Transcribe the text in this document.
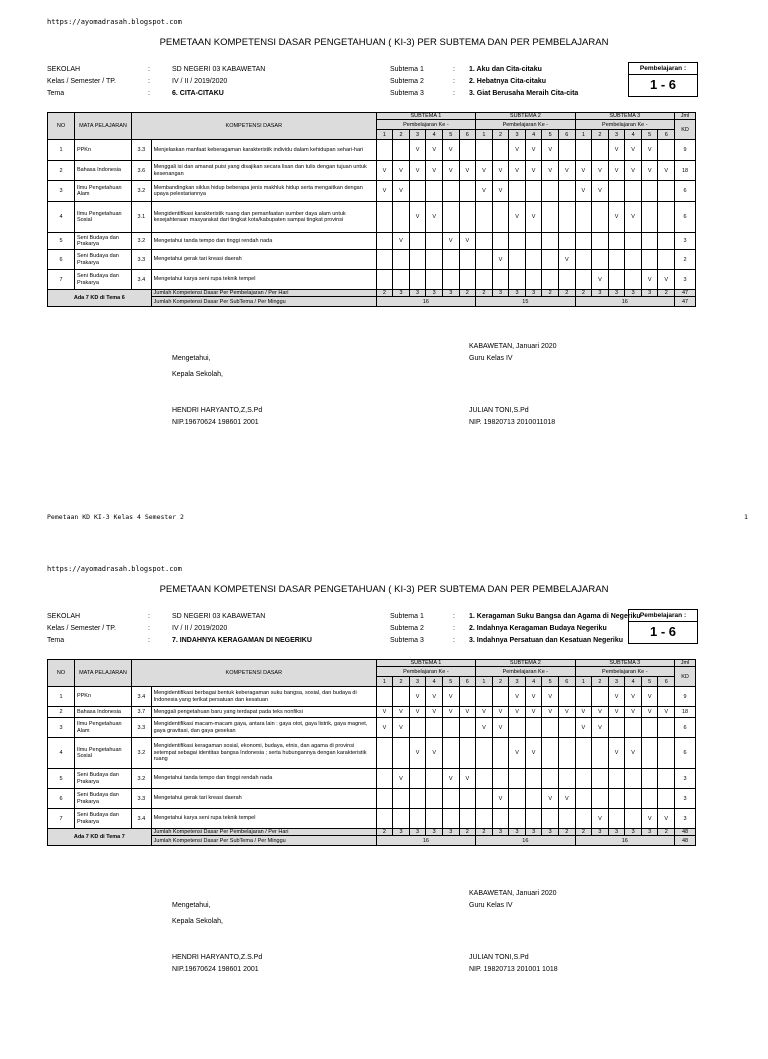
https://ayomadrasah.blogspot.com
PEMETAAN KOMPETENSI DASAR PENGETAHUAN ( KI-3) PER SUBTEMA DAN PER PEMBELAJARAN
SEKOLAH	:	SD NEGERI 03 KABAWETAN
Kelas / Semester / TP.	:	IV / II / 2019/2020
Tema	:	6. CITA-CITAKU
Subtema 1	: 1. Aku dan Cita-citaku
Subtema 2	: 2. Hebatnya Cita-citaku
Subtema 3	: 3. Giat Berusaha Meraih Cita-cita
Pembelajaran :
1 - 6
NO	MATA PELAJARAN	KOMPETENSI DASAR		SUBTEMA 1						SUBTEMA 2						SUBTEMA 3						Jml
				Pembelajaran Ke -						Pembelajaran Ke -						Pembelajaran Ke -						KD
				1	2	3	4	5	6	1	2	3	4	5	6	1	2	3	4	5	6	
1	PPKn	3.3	Menjelaskan manfaat keberagaman karakteristik individu dalam kehidupan sehari-hari			V	V	V				V	V	V				V	V	V		9
2	Bahasa Indonesia	3.6	Menggali isi dan amanat puisi yang disajikan secara lisan dan tulis dengan tujuan untuk kesenangan	V	V	V	V	V	V	V	V	V	V	V	V	V	V	V	V	V	V	18
3	Ilmu Pengetahuan Alam	3.2	Membandingkan siklus hidup beberapa jenis makhluk hidup serta mengaitkan dengan upaya pelestariannya	V	V					V	V					V	V					6
4	Ilmu Pengetahuan Sosial	3.1	Mengidentifikasi karakteristik ruang dan pemanfaatan sumber daya alam untuk kesejahteraan masyarakat dari tingkat kota/kabupaten sampai tingkat provinsi			V	V					V	V					V	V			6
5	Seni Budaya dan Prakarya	3.2	Mengetahui tanda tempo dan tinggi rendah nada		V			V	V													3
6	Seni Budaya dan Prakarya	3.3	Mengetahui gerak tari kreasi daerah								V				V							2
7	Seni Budaya dan Prakarya	3.4	Mengetahui karya seni rupa teknik tempel														V			V	V	3
Ada 7 KD di Tema 6			Jumlah Kompetensi Dasar Per Pembelajaran / Per Hari	2	3	3	3	3	2	2	3	3	3	2	2	2	3	3	3	3	2	47
			Jumlah Kompetensi Dasar Per SubTema / Per Minggu	16						15						16						47
KABAWETAN, Januari 2020
Guru Kelas IV
Mengetahui,
Kepala Sekolah,
HENDRI HARYANTO,Z,S.Pd
NIP.19670624 198601 2001
JULIAN TONI,S.Pd
NIP. 19820713 2010011018
Pemetaan KD KI-3 Kelas 4 Semester 2	1
https://ayomadrasah.blogspot.com
PEMETAAN KOMPETENSI DASAR PENGETAHUAN ( KI-3) PER SUBTEMA DAN PER PEMBELAJARAN
SEKOLAH	:	SD NEGERI 03 KABAWETAN
Kelas / Semester / TP.	:	IV / II / 2019/2020
Tema	:	7. INDAHNYA KERAGAMAN DI NEGERIKU
Subtema 1	: 1. Keragaman Suku Bangsa dan Agama di Negeriku
Subtema 2	: 2. Indahnya Keragaman Budaya Negeriku
Subtema 3	: 3. Indahnya Persatuan dan Kesatuan Negeriku
Pembelajaran :
1 - 6
NO	MATA PELAJARAN	KOMPETENSI DASAR		SUBTEMA 1						SUBTEMA 2						SUBTEMA 3						Jml
				Pembelajaran Ke -						Pembelajaran Ke -						Pembelajaran Ke -						KD
				1	2	3	4	5	6	1	2	3	4	5	6	1	2	3	4	5	6	
1	PPKn	3.4	Mengidentifikasi berbagai bentuk keberagaman suku bangsa, sosial, dan budaya di Indonesia yang terikat persatuan dan kesatuan			V	V	V				V	V	V				V	V	V		9
2	Bahasa Indonesia	3.7	Menggali pengetahuan baru yang terdapat pada teks nonfiksi	V	V	V	V	V	V	V	V	V	V	V	V	V	V	V	V	V	V	18
3	Ilmu Pengetahuan Alam	3.3	Mengidentifikasi macam-macam gaya, antara lain : gaya otot, gaya listrik, gaya magnet, gaya gravitasi, dan gaya gesekan	V	V					V	V					V	V					6
4	Ilmu Pengetahuan Sosial	3.2	Mengidentifikasi keragaman sosial, ekonomi, budaya, etnis, dan agama di provinsi setempat sebagai identitas bangsa Indonesia ; serta hubungannya dengan karakteristik ruang			V	V					V	V					V	V			6
5	Seni Budaya dan Prakarya	3.2	Mengetahui tanda tempo dan tinggi rendah nada		V			V	V													3
6	Seni Budaya dan Prakarya	3.3	Mengetahui gerak tari kreasi daerah								V			V	V							3
7	Seni Budaya dan Prakarya	3.4	Mengetahui karya seni rupa teknik tempel														V			V	V	3
Ada 7 KD di Tema 7			Jumlah Kompetensi Dasar Per Pembelajaran / Per Hari	2	3	3	3	3	2	2	3	3	3	3	2	2	3	3	3	3	2	48
			Jumlah Kompetensi Dasar Per SubTema / Per Minggu	16						16						16						48
KABAWETAN, Januari 2020
Guru Kelas IV
Mengetahui,
Kepala Sekolah,
HENDRI HARYANTO,Z.S.Pd
NIP.19670624 198601 2001
JULIAN TONI,S.Pd
NIP. 19820713 201001 1018
